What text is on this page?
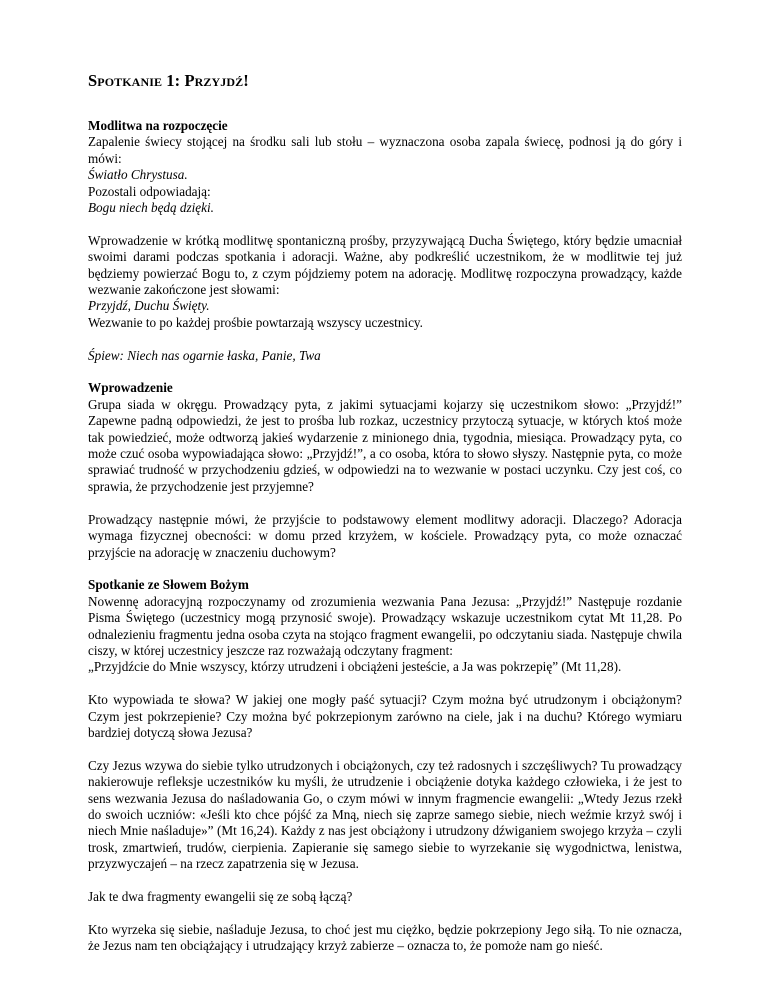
Spotkanie 1: Przyjdź!
Modlitwa na rozpoczęcie
Zapalenie świecy stojącej na środku sali lub stołu – wyznaczona osoba zapala świecę, podnosi ją do góry i mówi:
Światło Chrystusa.
Pozostali odpowiadają:
Bogu niech będą dzięki.
Wprowadzenie w krótką modlitwę spontaniczną prośby, przyzywającą Ducha Świętego, który będzie umacniał swoimi darami podczas spotkania i adoracji. Ważne, aby podkreślić uczestnikom, że w modlitwie tej już będziemy powierzać Bogu to, z czym pójdziemy potem na adorację. Modlitwę rozpoczyna prowadzący, każde wezwanie zakończone jest słowami:
Przyjdź, Duchu Święty.
Wezwanie to po każdej prośbie powtarzają wszyscy uczestnicy.
Śpiew: Niech nas ogarnie łaska, Panie, Twa
Wprowadzenie
Grupa siada w okręgu. Prowadzący pyta, z jakimi sytuacjami kojarzy się uczestnikom słowo: „Przyjdź!” Zapewne padną odpowiedzi, że jest to prośba lub rozkaz, uczestnicy przytoczą sytuacje, w których ktoś może tak powiedzieć, może odtworzą jakieś wydarzenie z minionego dnia, tygodnia, miesiąca. Prowadzący pyta, co może czuć osoba wypowiadająca słowo: „Przyjdź!”, a co osoba, która to słowo słyszy. Następnie pyta, co może sprawiać trudność w przychodzeniu gdzieś, w odpowiedzi na to wezwanie w postaci uczynku. Czy jest coś, co sprawia, że przychodzenie jest przyjemne?
Prowadzący następnie mówi, że przyjście to podstawowy element modlitwy adoracji. Dlaczego? Adoracja wymaga fizycznej obecności: w domu przed krzyżem, w kościele. Prowadzący pyta, co może oznaczać przyjście na adorację w znaczeniu duchowym?
Spotkanie ze Słowem Bożym
Nowennę adoracyjną rozpoczynamy od zrozumienia wezwania Pana Jezusa: „Przyjdź!” Następuje rozdanie Pisma Świętego (uczestnicy mogą przynosić swoje). Prowadzący wskazuje uczestnikom cytat Mt 11,28. Po odnalezieniu fragmentu jedna osoba czyta na stojąco fragment ewangelii, po odczytaniu siada. Następuje chwila ciszy, w której uczestnicy jeszcze raz rozważają odczytany fragment:
„Przyjdźcie do Mnie wszyscy, którzy utrudzeni i obciążeni jesteście, a Ja was pokrzepię” (Mt 11,28).
Kto wypowiada te słowa? W jakiej one mogły paść sytuacji? Czym można być utrudzonym i obciążonym? Czym jest pokrzepienie? Czy można być pokrzepionym zarówno na ciele, jak i na duchu? Którego wymiaru bardziej dotyczą słowa Jezusa?
Czy Jezus wzywa do siebie tylko utrudzonych i obciążonych, czy też radosnych i szczęśliwych? Tu prowadzący nakierowuje refleksje uczestników ku myśli, że utrudzenie i obciążenie dotyka każdego człowieka, i że jest to sens wezwania Jezusa do naśladowania Go, o czym mówi w innym fragmencie ewangelii: „Wtedy Jezus rzekł do swoich uczniów: «Jeśli kto chce pójść za Mną, niech się zaprze samego siebie, niech weźmie krzyż swój i niech Mnie naśladuje»” (Mt 16,24). Każdy z nas jest obciążony i utrudzony dźwiganiem swojego krzyża – czyli trosk, zmartwień, trudów, cierpienia. Zapieranie się samego siebie to wyrzekanie się wygodnictwa, lenistwa, przyzwyczajeń – na rzecz zapatrzenia się w Jezusa.
Jak te dwa fragmenty ewangelii się ze sobą łączą?
Kto wyrzeka się siebie, naśladuje Jezusa, to choć jest mu ciężko, będzie pokrzepiony Jego siłą. To nie oznacza, że Jezus nam ten obciążający i utrudzający krzyż zabierze – oznacza to, że pomoże nam go nieść.
